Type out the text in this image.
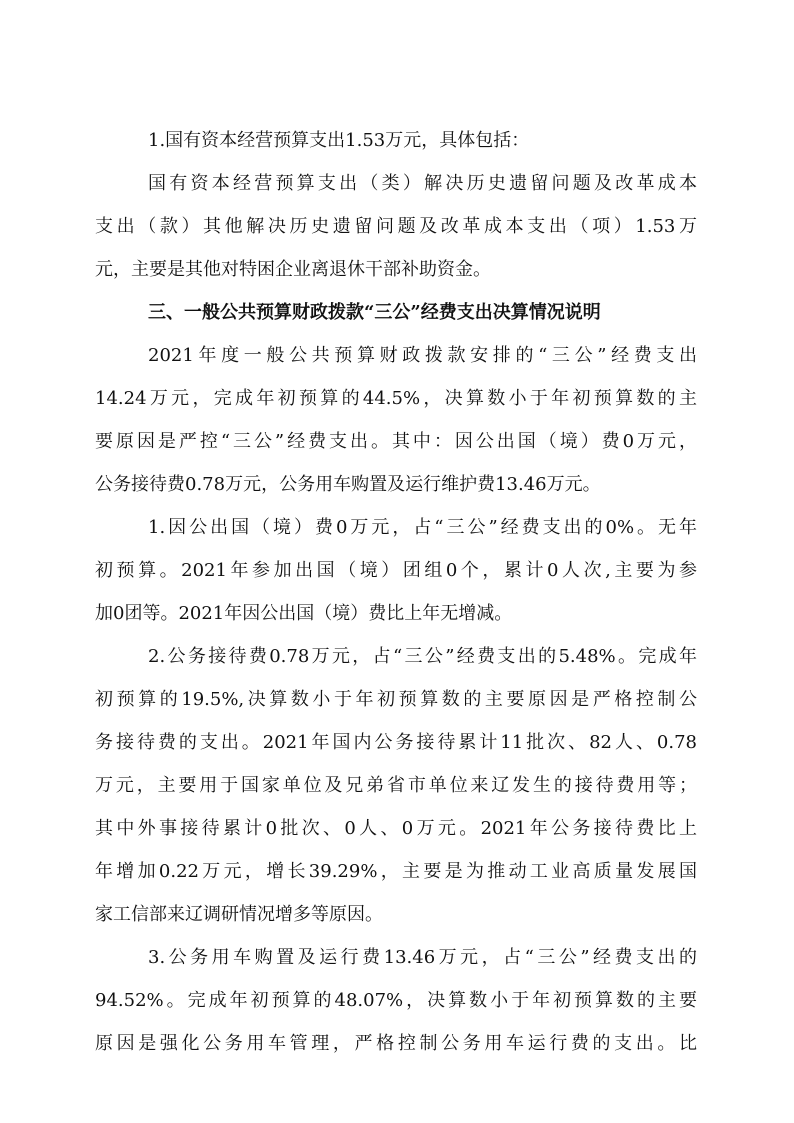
1.国有资本经营预算支出1.53万元，具体包括：
国有资本经营预算支出（类）解决历史遗留问题及改革成本
支出（款）其他解决历史遗留问题及改革成本支出（项）1.53万
元，主要是其他对特困企业离退休干部补助资金。
三、一般公共预算财政拨款“三公”经费支出决算情况说明
2021年度一般公共预算财政拨款安排的“三公”经费支出
14.24万元，完成年初预算的44.5%，决算数小于年初预算数的主
要原因是严控“三公”经费支出。其中：因公出国（境）费0万元，
公务接待费0.78万元，公务用车购置及运行维护费13.46万元。
1.因公出国（境）费0万元，占“三公”经费支出的0%。无年
初预算。2021年参加出国（境）团组0个，累计0人次,主要为参
加0团等。2021年因公出国（境）费比上年无增减。
2.公务接待费0.78万元，占“三公”经费支出的5.48%。完成年
初预算的19.5%,决算数小于年初预算数的主要原因是严格控制公
务接待费的支出。2021年国内公务接待累计11批次、82人、0.78
万元，主要用于国家单位及兄弟省市单位来辽发生的接待费用等；
其中外事接待累计0批次、0人、0万元。2021年公务接待费比上
年增加0.22万元，增长39.29%，主要是为推动工业高质量发展国
家工信部来辽调研情况增多等原因。
3.公务用车购置及运行费13.46万元，占“三公”经费支出的
94.52%。完成年初预算的48.07%，决算数小于年初预算数的主要
原因是强化公务用车管理，严格控制公务用车运行费的支出。比
